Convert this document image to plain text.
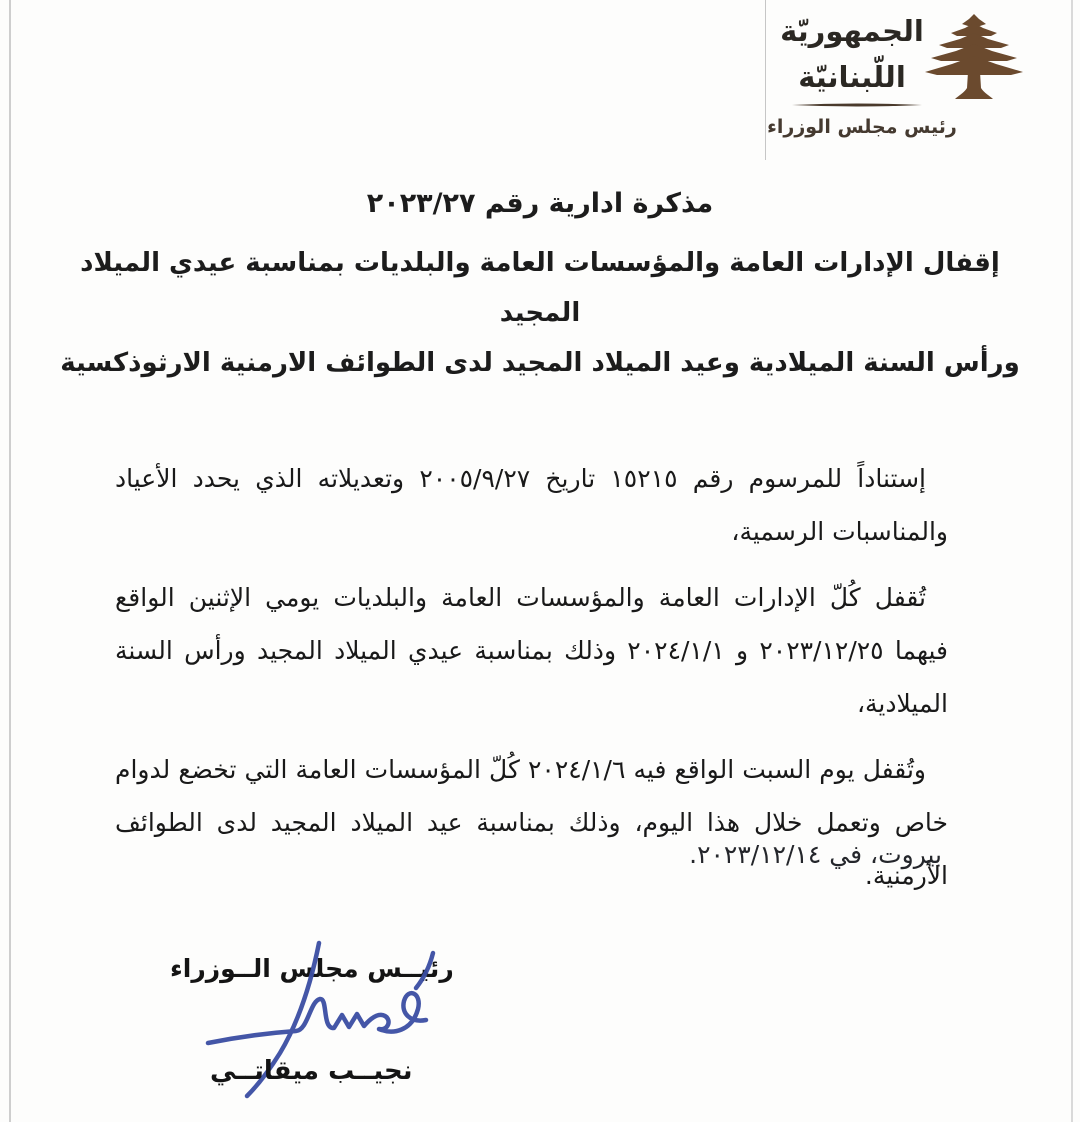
الجمهوريّة
اللّبنانيّة
رئيس مجلس الوزراء
مذكرة ادارية رقم ٢٠٢٣/٢٧
إقفال الإدارات العامة والمؤسسات العامة والبلديات بمناسبة عيدي الميلاد المجيد
ورأس السنة الميلادية وعيد الميلاد المجيد لدى الطوائف الارمنية الارثوذكسية

إستناداً للمرسوم رقم ١٥٢١٥ تاريخ ٢٠٠٥/٩/٢٧ وتعديلاته الذي يحدد الأعياد والمناسبات الرسمية،

تُقفل كُلّ الإدارات العامة والمؤسسات العامة والبلديات يومي الإثنين الواقع فيهما ٢٠٢٣/١٢/٢٥ و ٢٠٢٤/١/١ وذلك بمناسبة عيدي الميلاد المجيد ورأس السنة الميلادية،

وتُقفل يوم السبت الواقع فيه ٢٠٢٤/١/٦ كُلّ المؤسسات العامة التي تخضع لدوام خاص وتعمل خلال هذا اليوم، وذلك بمناسبة عيد الميلاد المجيد لدى الطوائف الأرمنية.

بيروت، في ٢٠٢٣/١٢/١٤.
رئيــس مجلس الــوزراء
نجيــب ميقاتــي
